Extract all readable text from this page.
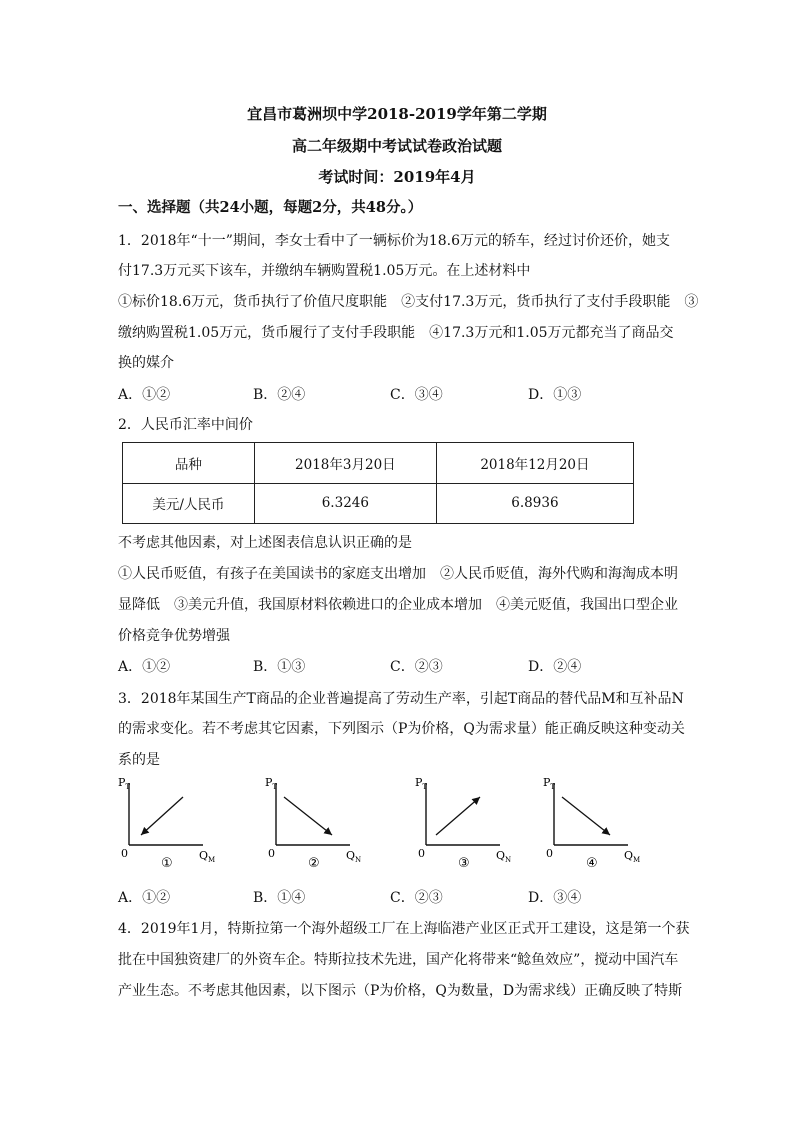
宜昌市葛洲坝中学2018-2019学年第二学期
高二年级期中考试试卷政治试题
考试时间：2019年4月
一、选择题（共24小题，每题2分，共48分。）
1．2018年“十一”期间，李女士看中了一辆标价为18.6万元的轿车，经过讨价还价，她支
付17.3万元买下该车，并缴纳车辆购置税1.05万元。在上述材料中
①标价18.6万元，货币执行了价值尺度职能　②支付17.3万元，货币执行了支付手段职能　③
缴纳购置税1.05万元，货币履行了支付手段职能　④17.3万元和1.05万元都充当了商品交
换的媒介
A．①②	B．②④	C．③④	D．①③
2．人民币汇率中间价
品种	2018年3月20日	2018年12月20日
美元/人民币	6.3246	6.8936
不考虑其他因素，对上述图表信息认识正确的是
①人民币贬值，有孩子在美国读书的家庭支出增加　②人民币贬值，海外代购和海淘成本明
显降低　③美元升值，我国原材料依赖进口的企业成本增加　④美元贬值，我国出口型企业
价格竞争优势增强
A．①②	B．①③	C．②③	D．②④
3．2018年某国生产T商品的企业普遍提高了劳动生产率，引起T商品的替代品M和互补品N
的需求变化。若不考虑其它因素，下列图示（P为价格，Q为需求量）能正确反映这种变动关
系的是
$P_T$
0	$Q_M$
①
$P_T$
0	$Q_N$
②
$P_T$
0	$Q_N$
③
$P_T$
0	$Q_M$
④
A．①②	B．①④	C．②③	D．③④
4．2019年1月，特斯拉第一个海外超级工厂在上海临港产业区正式开工建设，这是第一个获
批在中国独资建厂的外资车企。特斯拉技术先进，国产化将带来“鲶鱼效应”，搅动中国汽车
产业生态。不考虑其他因素，以下图示（P为价格，Q为数量，D为需求线）正确反映了特斯
